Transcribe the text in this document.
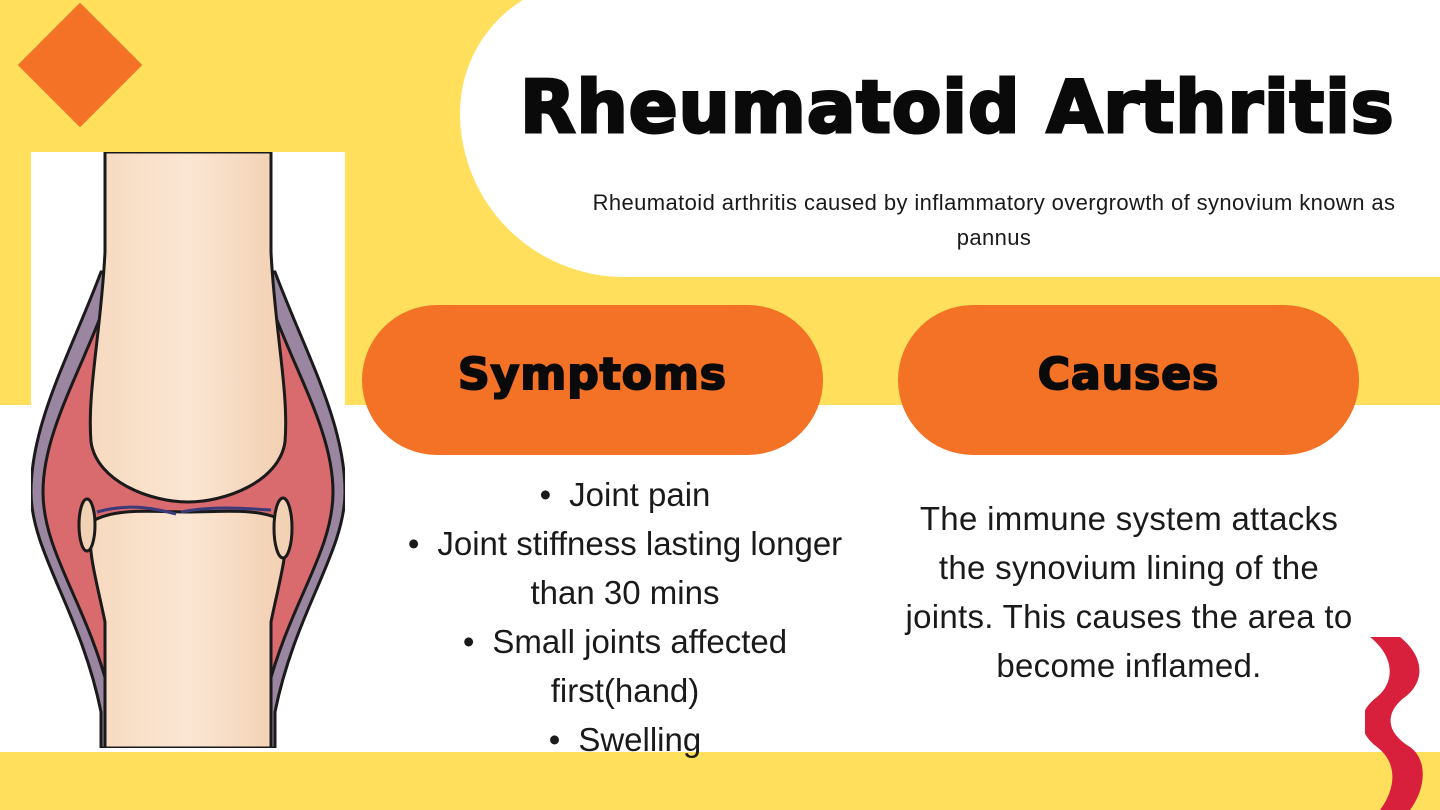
Rheumatoid Arthritis
Rheumatoid arthritis caused by inflammatory overgrowth of synovium known as pannus
Symptoms	Causes
• Joint pain
• Joint stiffness lasting longer than 30 mins
• Small joints affected first(hand)
• Swelling
The immune system attacks the synovium lining of the joints. This causes the area to become inflamed.
